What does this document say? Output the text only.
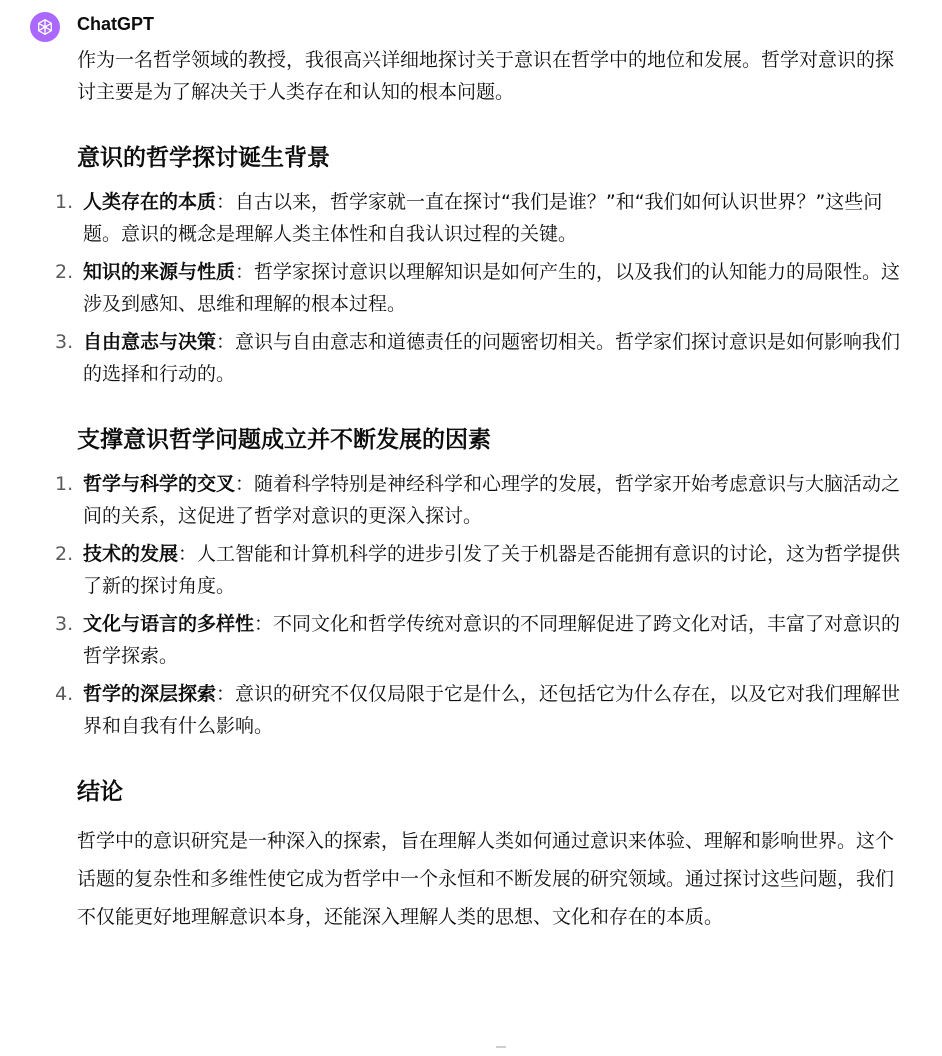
ChatGPT

作为一名哲学领域的教授，我很高兴详细地探讨关于意识在哲学中的地位和发展。哲学对意识的探讨主要是为了解决关于人类存在和认知的根本问题。

意识的哲学探讨诞生背景
1. 人类存在的本质：自古以来，哲学家就一直在探讨“我们是谁？”和“我们如何认识世界？”这些问题。意识的概念是理解人类主体性和自我认识过程的关键。
2. 知识的来源与性质：哲学家探讨意识以理解知识是如何产生的，以及我们的认知能力的局限性。这涉及到感知、思维和理解的根本过程。
3. 自由意志与决策：意识与自由意志和道德责任的问题密切相关。哲学家们探讨意识是如何影响我们的选择和行动的。
支撑意识哲学问题成立并不断发展的因素
1. 哲学与科学的交叉：随着科学特别是神经科学和心理学的发展，哲学家开始考虑意识与大脑活动之间的关系，这促进了哲学对意识的更深入探讨。
2. 技术的发展：人工智能和计算机科学的进步引发了关于机器是否能拥有意识的讨论，这为哲学提供了新的探讨角度。
3. 文化与语言的多样性：不同文化和哲学传统对意识的不同理解促进了跨文化对话，丰富了对意识的哲学探索。
4. 哲学的深层探索：意识的研究不仅仅局限于它是什么，还包括它为什么存在，以及它对我们理解世界和自我有什么影响。
结论

哲学中的意识研究是一种深入的探索，旨在理解人类如何通过意识来体验、理解和影响世界。这个话题的复杂性和多维性使它成为哲学中一个永恒和不断发展的研究领域。通过探讨这些问题，我们不仅能更好地理解意识本身，还能深入理解人类的思想、文化和存在的本质。
